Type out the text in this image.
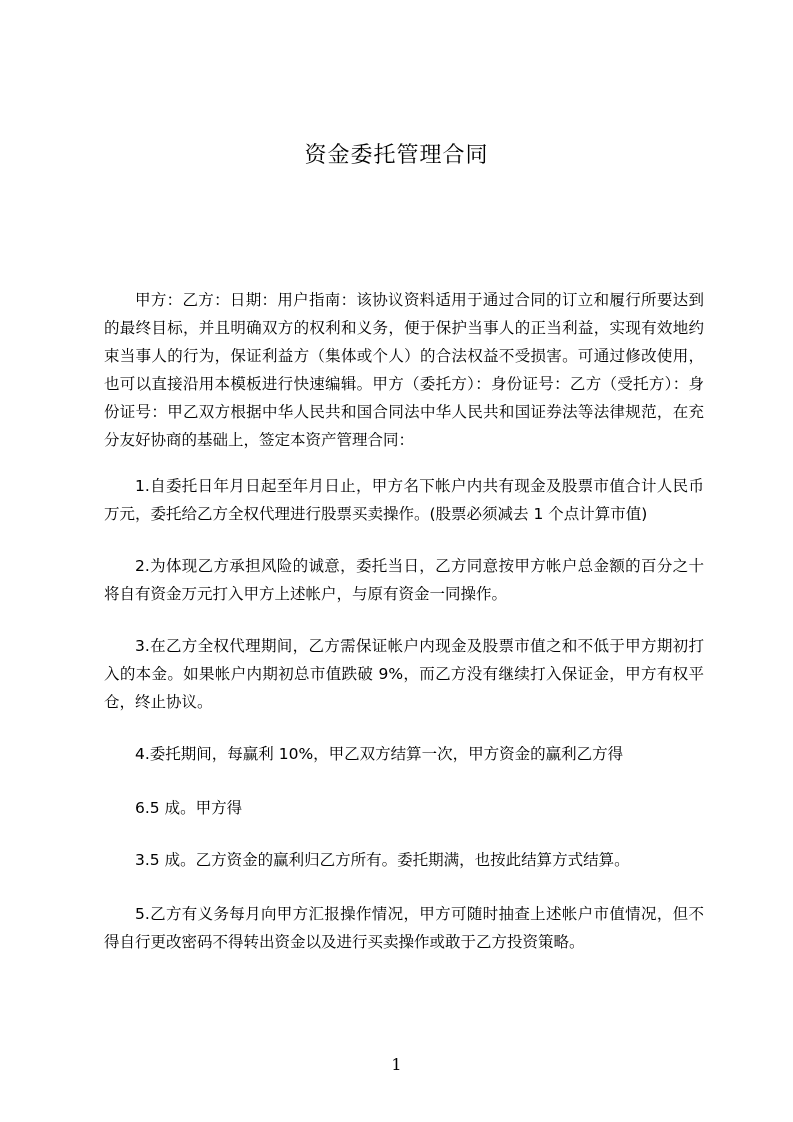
资金委托管理合同

甲方：乙方：日期：用户指南：该协议资料适用于通过合同的订立和履行所要达到的最终目标，并且明确双方的权利和义务，便于保护当事人的正当利益，实现有效地约束当事人的行为，保证利益方（集体或个人）的合法权益不受损害。可通过修改使用，也可以直接沿用本模板进行快速编辑。甲方（委托方）：身份证号：乙方（受托方）：身份证号：甲乙双方根据中华人民共和国合同法中华人民共和国证券法等法律规范，在充分友好协商的基础上，签定本资产管理合同：

1.自委托日年月日起至年月日止，甲方名下帐户内共有现金及股票市值合计人民币万元，委托给乙方全权代理进行股票买卖操作。(股票必须减去 1 个点计算市值)

2.为体现乙方承担风险的诚意，委托当日，乙方同意按甲方帐户总金额的百分之十将自有资金万元打入甲方上述帐户，与原有资金一同操作。

3.在乙方全权代理期间，乙方需保证帐户内现金及股票市值之和不低于甲方期初打入的本金。如果帐户内期初总市值跌破 9%，而乙方没有继续打入保证金，甲方有权平仓，终止协议。

4.委托期间，每赢利 10%，甲乙双方结算一次，甲方资金的赢利乙方得

6.5 成。甲方得

3.5 成。乙方资金的赢利归乙方所有。委托期满，也按此结算方式结算。

5.乙方有义务每月向甲方汇报操作情况，甲方可随时抽查上述帐户市值情况，但不得自行更改密码不得转出资金以及进行买卖操作或敢于乙方投资策略。

1
